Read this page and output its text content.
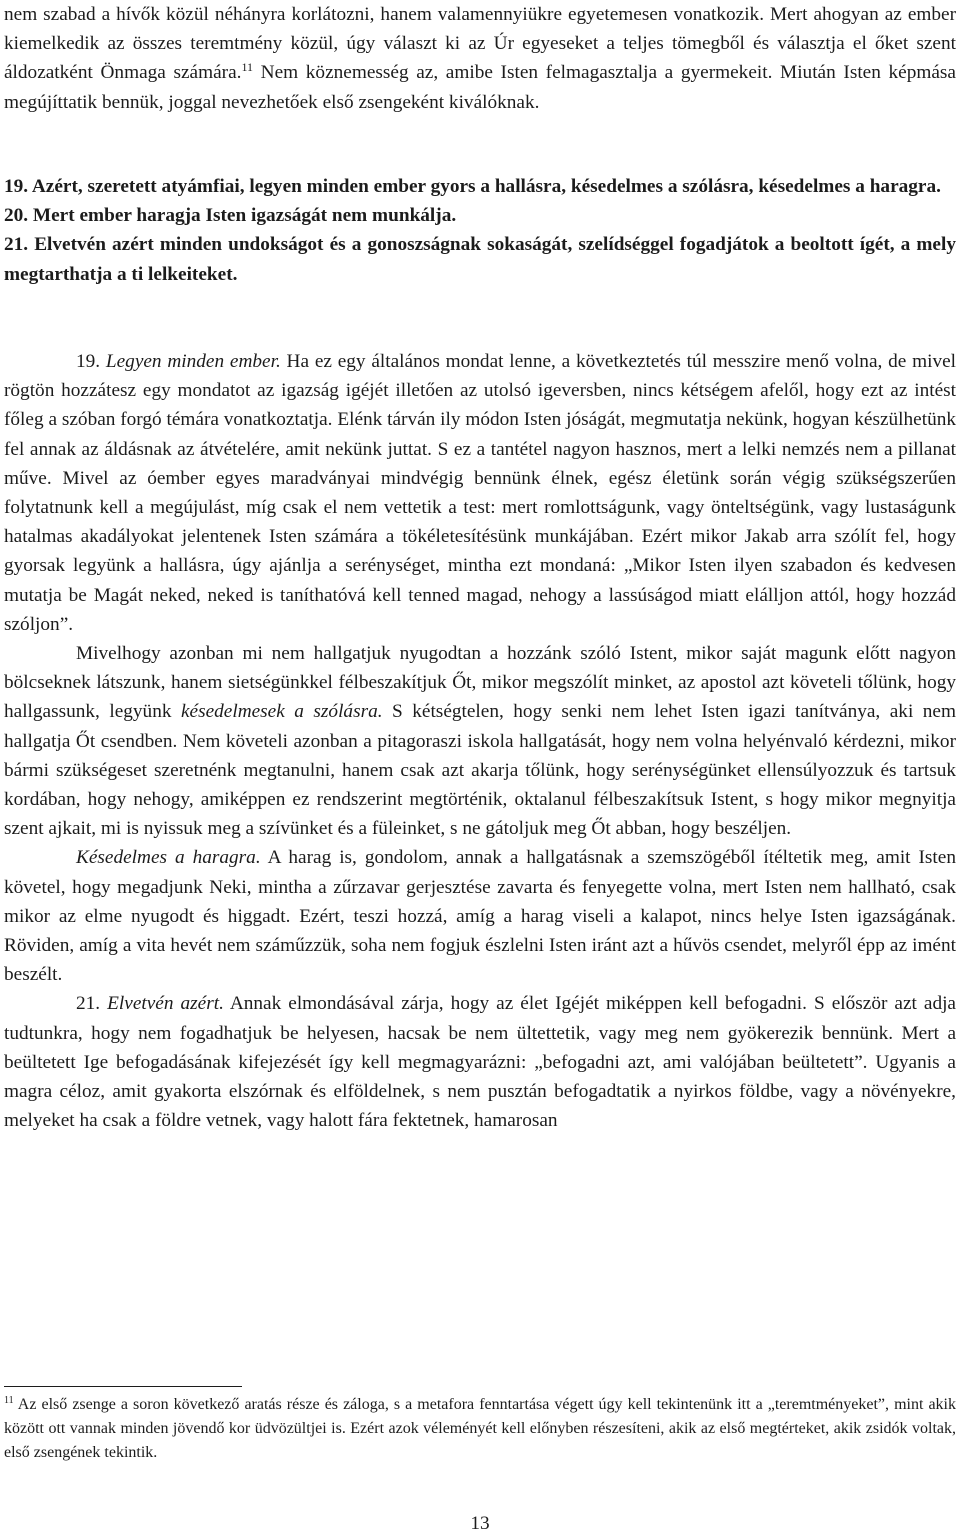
nem szabad a hívők közül néhányra korlátozni, hanem valamennyiükre egyetemesen vonatkozik. Mert ahogyan az ember kiemelkedik az összes teremtmény közül, úgy választ ki az Úr egyeseket a teljes tömegből és választja el őket szent áldozatként Önmaga számára.$^{11}$ Nem köznemesség az, amibe Isten felmagasztalja a gyermekeit. Miután Isten képmása megújíttatik bennük, joggal nevezhetőek első zsengeként kiválóknak.

19. Azért, szeretett atyámfiai, legyen minden ember gyors a hallásra, késedelmes a szólásra, késedelmes a haragra.

20. Mert ember haragja Isten igazságát nem munkálja.

21. Elvetvén azért minden undokságot és a gonoszságnak sokaságát, szelídséggel fogadjátok a beoltott ígét, a mely megtarthatja a ti lelkeiteket.

19. Legyen minden ember. Ha ez egy általános mondat lenne, a következtetés túl messzire menő volna, de mivel rögtön hozzátesz egy mondatot az igazság igéjét illetően az utolsó igeversben, nincs kétségem afelől, hogy ezt az intést főleg a szóban forgó témára vonatkoztatja. Elénk tárván ily módon Isten jóságát, megmutatja nekünk, hogyan készülhetünk fel annak az áldásnak az átvételére, amit nekünk juttat. S ez a tantétel nagyon hasznos, mert a lelki nemzés nem a pillanat műve. Mivel az óember egyes maradványai mindvégig bennünk élnek, egész életünk során végig szükségszerűen folytatnunk kell a megújulást, míg csak el nem vettetik a test: mert romlottságunk, vagy önteltségünk, vagy lustaságunk hatalmas akadályokat jelentenek Isten számára a tökéletesítésünk munkájában. Ezért mikor Jakab arra szólít fel, hogy gyorsak legyünk a hallásra, úgy ajánlja a serénységet, mintha ezt mondaná: „Mikor Isten ilyen szabadon és kedvesen mutatja be Magát neked, neked is taníthatóvá kell tenned magad, nehogy a lassúságod miatt elálljon attól, hogy hozzád szóljon”.

Mivelhogy azonban mi nem hallgatjuk nyugodtan a hozzánk szóló Istent, mikor saját magunk előtt nagyon bölcseknek látszunk, hanem sietségünkkel félbeszakítjuk Őt, mikor megszólít minket, az apostol azt követeli tőlünk, hogy hallgassunk, legyünk késedelmesek a szólásra. S kétségtelen, hogy senki nem lehet Isten igazi tanítványa, aki nem hallgatja Őt csendben. Nem követeli azonban a pitagoraszi iskola hallgatását, hogy nem volna helyénvaló kérdezni, mikor bármi szükségeset szeretnénk megtanulni, hanem csak azt akarja tőlünk, hogy serénységünket ellensúlyozzuk és tartsuk kordában, hogy nehogy, amiképpen ez rendszerint megtörténik, oktalanul félbeszakítsuk Istent, s hogy mikor megnyitja szent ajkait, mi is nyissuk meg a szívünket és a füleinket, s ne gátoljuk meg Őt abban, hogy beszéljen.

Késedelmes a haragra. A harag is, gondolom, annak a hallgatásnak a szemszögéből ítéltetik meg, amit Isten követel, hogy megadjunk Neki, mintha a zűrzavar gerjesztése zavarta és fenyegette volna, mert Isten nem hallható, csak mikor az elme nyugodt és higgadt. Ezért, teszi hozzá, amíg a harag viseli a kalapot, nincs helye Isten igazságának. Röviden, amíg a vita hevét nem száműzzük, soha nem fogjuk észlelni Isten iránt azt a hűvös csendet, melyről épp az imént beszélt.

21. Elvetvén azért. Annak elmondásával zárja, hogy az élet Igéjét miképpen kell befogadni. S először azt adja tudtunkra, hogy nem fogadhatjuk be helyesen, hacsak be nem ültettetik, vagy meg nem gyökerezik bennünk. Mert a beültetett Ige befogadásának kifejezését így kell megmagyarázni: „befogadni azt, ami valójában beültetett”. Ugyanis a magra céloz, amit gyakorta elszórnak és elföldelnek, s nem pusztán befogadtatik a nyirkos földbe, vagy a növényekre, melyeket ha csak a földre vetnek, vagy halott fára fektetnek, hamarosan

$^{11}$ Az első zsenge a soron következő aratás része és záloga, s a metafora fenntartása végett úgy kell tekintenünk itt a „teremtményeket”, mint akik között ott vannak minden jövendő kor üdvözültjei is. Ezért azok véleményét kell előnyben részesíteni, akik az első megtérteket, akik zsidók voltak, első zsengének tekintik.
13
